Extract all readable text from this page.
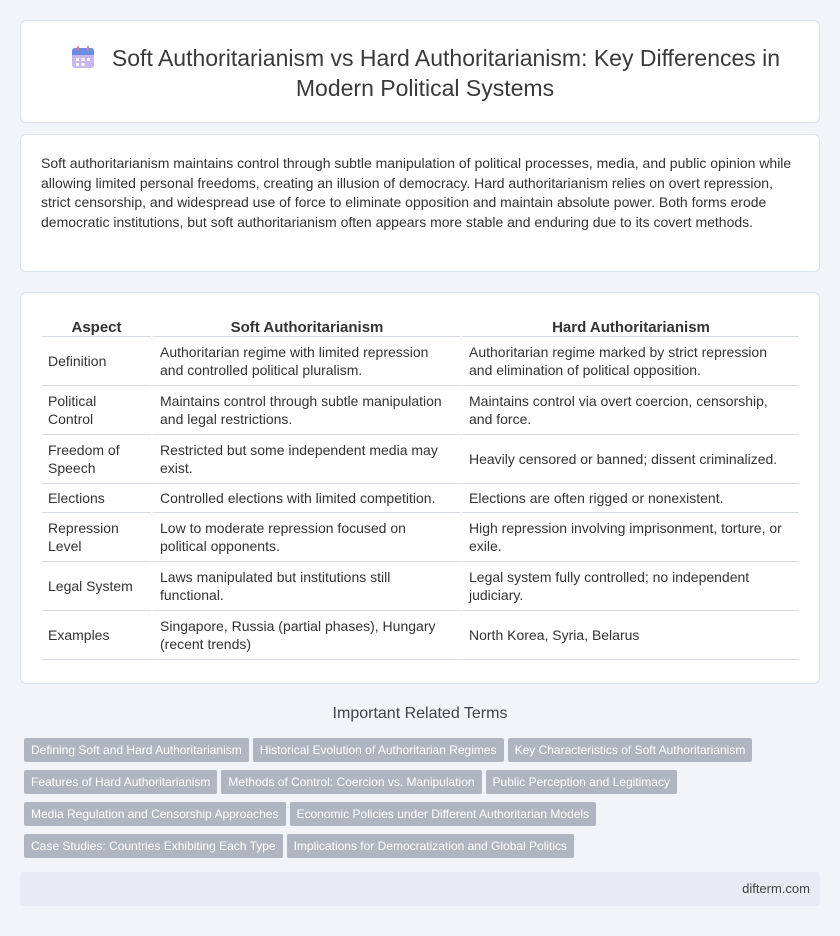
Soft Authoritarianism vs Hard Authoritarianism: Key Differences in Modern Political Systems

Soft authoritarianism maintains control through subtle manipulation of political processes, media, and public opinion while allowing limited personal freedoms, creating an illusion of democracy. Hard authoritarianism relies on overt repression, strict censorship, and widespread use of force to eliminate opposition and maintain absolute power. Both forms erode democratic institutions, but soft authoritarianism often appears more stable and enduring due to its covert methods.

Aspect	Soft Authoritarianism	Hard Authoritarianism
Definition	Authoritarian regime with limited repression and controlled political pluralism.	Authoritarian regime marked by strict repression and elimination of political opposition.
Political Control	Maintains control through subtle manipulation and legal restrictions.	Maintains control via overt coercion, censorship, and force.
Freedom of Speech	Restricted but some independent media may exist.	Heavily censored or banned; dissent criminalized.
Elections	Controlled elections with limited competition.	Elections are often rigged or nonexistent.
Repression Level	Low to moderate repression focused on political opponents.	High repression involving imprisonment, torture, or exile.
Legal System	Laws manipulated but institutions still functional.	Legal system fully controlled; no independent judiciary.
Examples	Singapore, Russia (partial phases), Hungary (recent trends)	North Korea, Syria, Belarus
Important Related Terms
Defining Soft and Hard Authoritarianism Historical Evolution of Authoritarian Regimes Key Characteristics of Soft Authoritarianism
Features of Hard Authoritarianism Methods of Control: Coercion vs. Manipulation Public Perception and Legitimacy
Media Regulation and Censorship Approaches Economic Policies under Different Authoritarian Models
Case Studies: Countries Exhibiting Each Type Implications for Democratization and Global Politics
difterm.com
